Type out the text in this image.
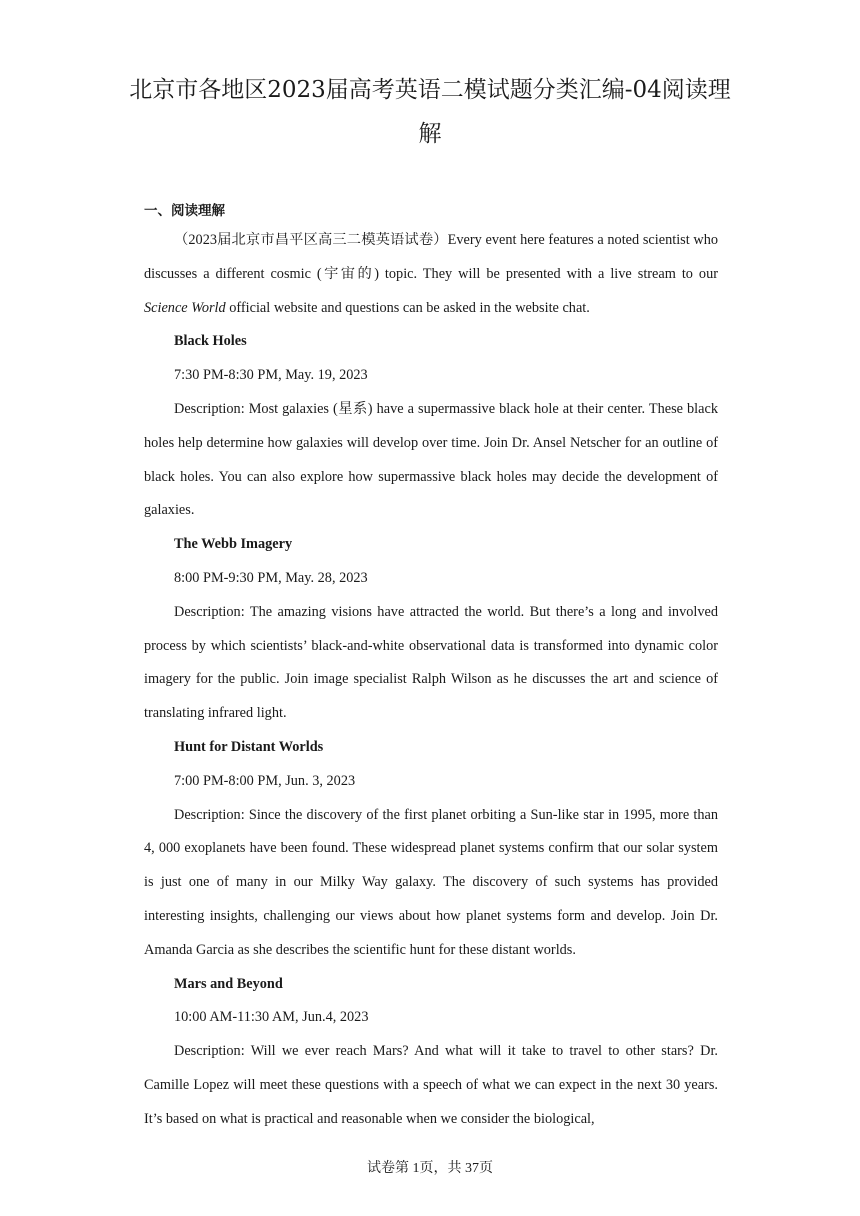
北京市各地区2023届高考英语二模试题分类汇编-04阅读理解

一、阅读理解

（2023届北京市昌平区高三二模英语试卷）Every event here features a noted scientist who discusses a different cosmic (宇宙的) topic. They will be presented with a live stream to our Science World official website and questions can be asked in the website chat.

Black Holes

7:30 PM-8:30 PM, May. 19, 2023

Description: Most galaxies (星系) have a supermassive black hole at their center. These black holes help determine how galaxies will develop over time. Join Dr. Ansel Netscher for an outline of black holes. You can also explore how supermassive black holes may decide the development of galaxies.

The Webb Imagery

8:00 PM-9:30 PM, May. 28, 2023

Description: The amazing visions have attracted the world. But there’s a long and involved process by which scientists’ black-and-white observational data is transformed into dynamic color imagery for the public. Join image specialist Ralph Wilson as he discusses the art and science of translating infrared light.

Hunt for Distant Worlds

7:00 PM-8:00 PM, Jun. 3, 2023

Description: Since the discovery of the first planet orbiting a Sun-like star in 1995, more than 4, 000 exoplanets have been found. These widespread planet systems confirm that our solar system is just one of many in our Milky Way galaxy. The discovery of such systems has provided interesting insights, challenging our views about how planet systems form and develop. Join Dr. Amanda Garcia as she describes the scientific hunt for these distant worlds.

Mars and Beyond

10:00 AM-11:30 AM, Jun.4, 2023

Description: Will we ever reach Mars? And what will it take to travel to other stars? Dr. Camille Lopez will meet these questions with a speech of what we can expect in the next 30 years. It’s based on what is practical and reasonable when we consider the biological,

试卷第 1页，共 37页
